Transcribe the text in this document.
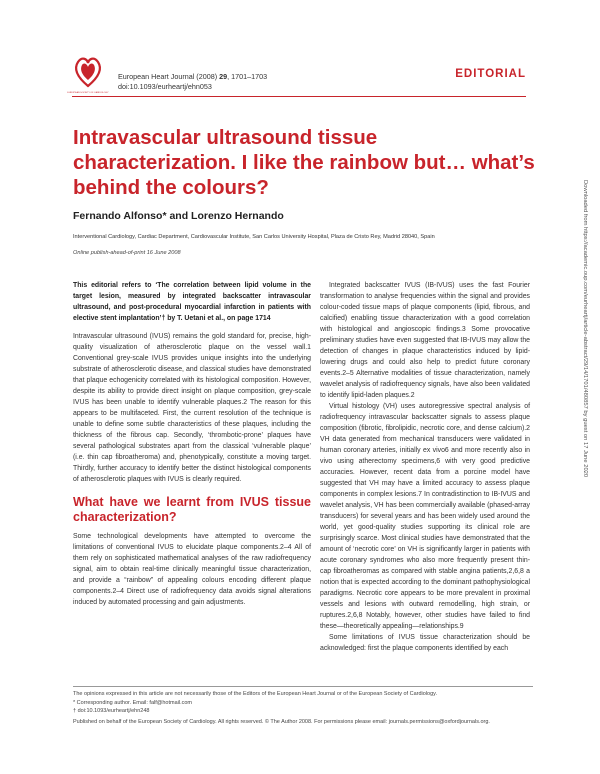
EUROPEAN SOCIETY OF CARDIOLOGY
European Heart Journal (2008) 29, 1701–1703
doi:10.1093/eurheartj/ehn053
EDITORIAL
Intravascular ultrasound tissue characterization. I like the rainbow but… what’s behind the colours?
Fernando Alfonso* and Lorenzo Hernando
Interventional Cardiology, Cardiac Department, Cardiovascular Institute, San Carlos University Hospital, Plaza de Cristo Rey, Madrid 28040, Spain
Online publish-ahead-of-print 16 June 2008

This editorial refers to ‘The correlation between lipid volume in the target lesion, measured by integrated backscatter intravascular ultrasound, and post-procedural myocardial infarction in patients with elective stent implantation’† by T. Uetani et al., on page 1714

Intravascular ultrasound (IVUS) remains the gold standard for, precise, high-quality visualization of atherosclerotic plaque on the vessel wall.1 Conventional grey-scale IVUS provides unique insights into the underlying substrate of atherosclerotic disease, and classical studies have demonstrated that plaque echogenicity correlated with its histological composition. However, despite its ability to provide direct insight on plaque composition, grey-scale IVUS has been unable to identify vulnerable plaques.2 The reason for this appears to be multifaceted. First, the current resolution of the technique is unable to define some subtle characteristics of these plaques, including the thickness of the fibrous cap. Secondly, ‘thrombotic-prone’ plaques have several pathological substrates apart from the classical ‘vulnerable plaque’ (i.e. thin cap fibroatheroma) and, phenotypically, constitute a moving target. Thirdly, further accuracy to identify better the distinct histological components of atherosclerotic plaques with IVUS is clearly required.

What have we learnt from IVUS tissue characterization?

Some technological developments have attempted to overcome the limitations of conventional IVUS to elucidate plaque components.2–4 All of them rely on sophisticated mathematical analyses of the raw radiofrequency signal, aim to obtain real-time clinically meaningful tissue characterization, and provide a “rainbow” of appealing colours encoding different plaque components.2–4 Direct use of radiofrequency data avoids signal alterations induced by automated processing and gain adjustments.

Integrated backscatter IVUS (IB-IVUS) uses the fast Fourier transformation to analyse frequencies within the signal and provides colour-coded tissue maps of plaque components (lipid, fibrous, and calcified) enabling tissue characterization with a good correlation with histological and angioscopic findings.3 Some provocative preliminary studies have even suggested that IB-IVUS may allow the detection of changes in plaque characteristics induced by lipid-lowering drugs and could also help to predict future coronary events.2–5 Alternative modalities of tissue characterization, namely wavelet analysis of radiofrequency signals, have also been validated to identify lipid-laden plaques.2

Virtual histology (VH) uses autoregressive spectral analysis of radiofrequency intravascular backscatter signals to assess plaque composition (fibrotic, fibrolipidic, necrotic core, and dense calcium).2 VH data generated from mechanical transducers were validated in human coronary arteries, initially ex vivo6 and more recently also in vivo using atherectomy specimens,6 with very good predictive accuracies. However, recent data from a porcine model have suggested that VH may have a limited accuracy to assess plaque components in complex lesions.7 In contradistinction to IB-IVUS and wavelet analysis, VH has been commercially available (phased-array transducers) for several years and has been widely used around the world, yet good-quality studies supporting its clinical role are surprisingly scarce. Most clinical studies have demonstrated that the amount of ‘necrotic core’ on VH is significantly larger in patients with acute coronary syndromes who also more frequently present thin-cap fibroatheromas as compared with stable angina patients,2,6,8 a notion that is expected according to the dominant pathophysiological paradigms. Necrotic core appears to be more prevalent in proximal vessels and lesions with outward remodelling, high strain, or ruptures.2,6,8 Notably, however, other studies have failed to find these—theoretically appealing—relationships.9

Some limitations of IVUS tissue characterization should be acknowledged: first the plaque components identified by each

The opinions expressed in this article are not necessarily those of the Editors of the European Heart Journal or of the European Society of Cardiology.
* Corresponding author. Email: falf@hotmail.com
† doi:10.1093/eurheartj/ehn248
Published on behalf of the European Society of Cardiology. All rights reserved. © The Author 2008. For permissions please email: journals.permissions@oxfordjournals.org.
Downloaded from https://academic.oup.com/eurheartj/article-abstract/29/14/1701/480857 by guest on 17 June 2020
